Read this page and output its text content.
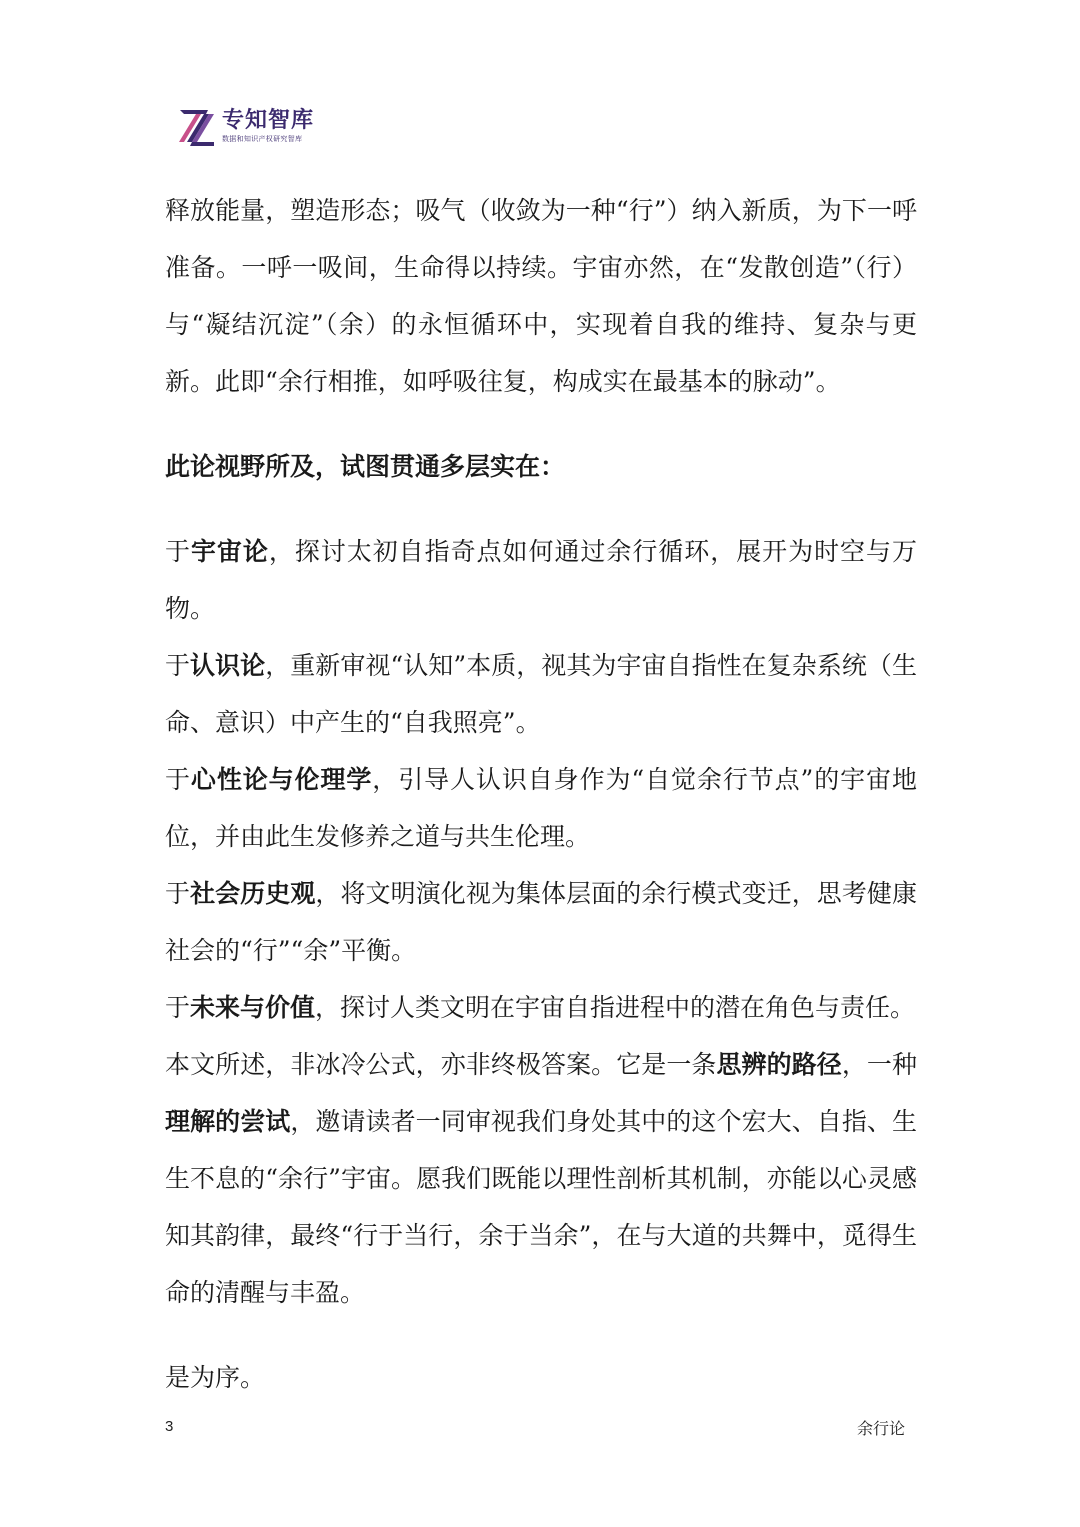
专知智库
数据和知识产权研究智库

释放能量，塑造形态；吸气（收敛为一种“行”）纳入新质，为下一呼准备。一呼一吸间，生命得以持续。宇宙亦然，在“发散创造”（行）与“凝结沉淀”（余）的永恒循环中，实现着自我的维持、复杂与更新。此即“余行相推，如呼吸往复，构成实在最基本的脉动”。

此论视野所及，试图贯通多层实在：

于宇宙论，探讨太初自指奇点如何通过余行循环，展开为时空与万物。

于认识论，重新审视“认知”本质，视其为宇宙自指性在复杂系统（生命、意识）中产生的“自我照亮”。

于心性论与伦理学，引导人认识自身作为“自觉余行节点”的宇宙地位，并由此生发修养之道与共生伦理。

于社会历史观，将文明演化视为集体层面的余行模式变迁，思考健康社会的“行”“余”平衡。

于未来与价值，探讨人类文明在宇宙自指进程中的潜在角色与责任。

本文所述，非冰冷公式，亦非终极答案。它是一条思辨的路径，一种理解的尝试，邀请读者一同审视我们身处其中的这个宏大、自指、生生不息的“余行”宇宙。愿我们既能以理性剖析其机制，亦能以心灵感知其韵律，最终“行于当行，余于当余”，在与大道的共舞中，觅得生命的清醒与丰盈。

是为序。

3	余行论
